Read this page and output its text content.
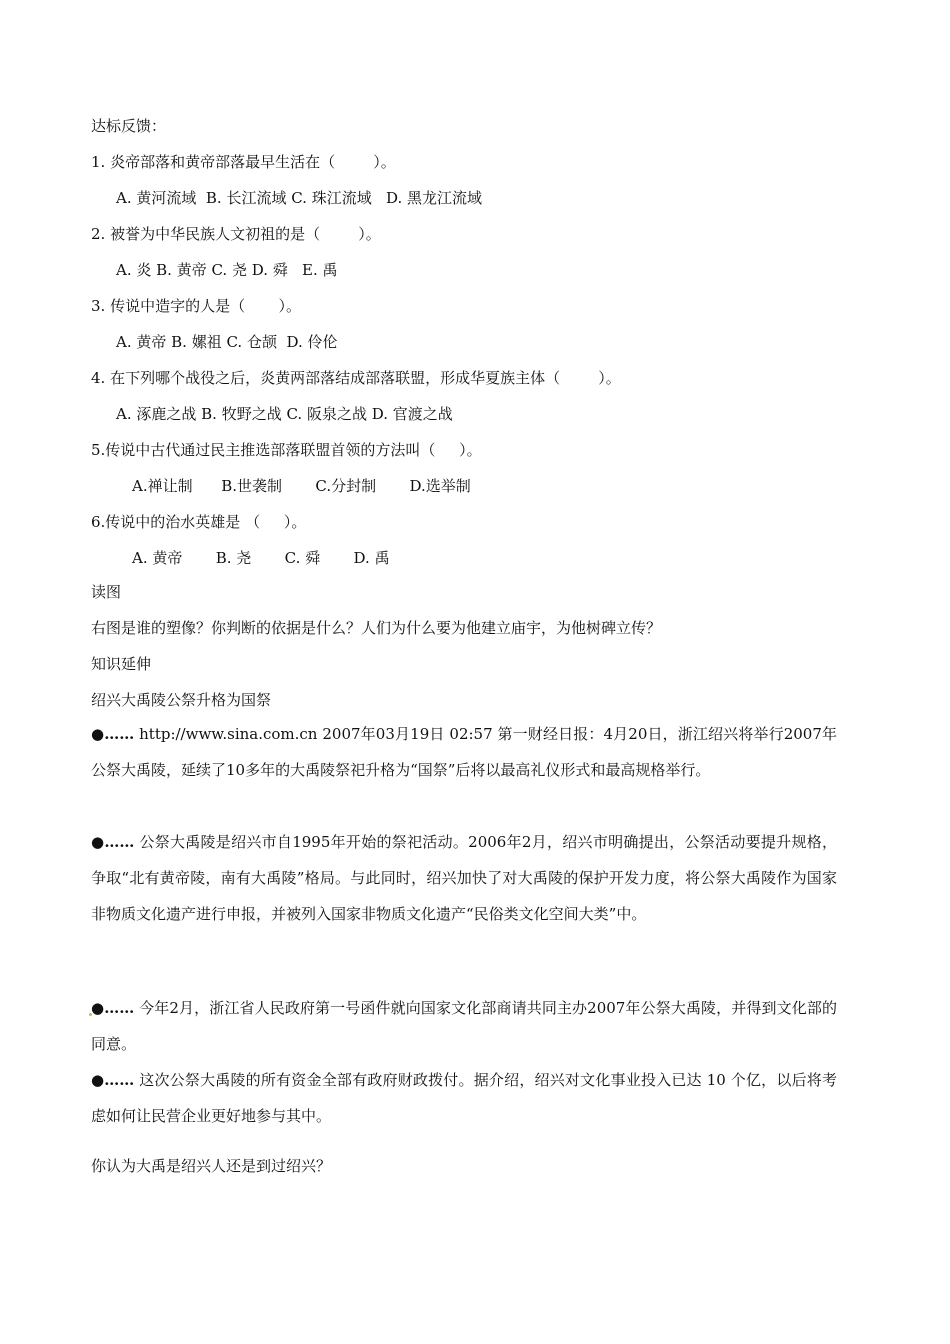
达标反馈：
1. 炎帝部落和黄帝部落最早生活在（        ）。
A. 黄河流域  B. 长江流域 C. 珠江流域   D. 黑龙江流域
2. 被誉为中华民族人文初祖的是（        ）。
A. 炎 B. 黄帝 C. 尧 D. 舜   E. 禹
3. 传说中造字的人是（       ）。
A. 黄帝 B. 嫘祖 C. 仓颉  D. 伶伦
4. 在下列哪个战役之后，炎黄两部落结成部落联盟，形成华夏族主体（        ）。
A. 涿鹿之战 B. 牧野之战 C. 阪泉之战 D. 官渡之战
5.传说中古代通过民主推选部落联盟首领的方法叫（     ）。
A.禅让制      B.世袭制       C.分封制       D.选举制
6.传说中的治水英雄是 （     ）。
A. 黄帝       B. 尧       C. 舜       D. 禹
读图
右图是谁的塑像？你判断的依据是什么？人们为什么要为他建立庙宇，为他树碑立传？
知识延伸
绍兴大禹陵公祭升格为国祭
●…… http://www.sina.com.cn 2007年03月19日 02:57 第一财经日报：4月20日，浙江绍兴将举行2007年公祭大禹陵，延续了10多年的大禹陵祭祀升格为“国祭”后将以最高礼仪形式和最高规格举行。
●…… 公祭大禹陵是绍兴市自1995年开始的祭祀活动。2006年2月，绍兴市明确提出，公祭活动要提升规格，争取“北有黄帝陵，南有大禹陵”格局。与此同时，绍兴加快了对大禹陵的保护开发力度，将公祭大禹陵作为国家非物质文化遗产进行申报，并被列入国家非物质文化遗产“民俗类文化空间大类”中。
●…… 今年2月，浙江省人民政府第一号函件就向国家文化部商请共同主办2007年公祭大禹陵，并得到文化部的同意。
●…… 这次公祭大禹陵的所有资金全部有政府财政拨付。据介绍，绍兴对文化事业投入已达 10 个亿，以后将考虑如何让民营企业更好地参与其中。
你认为大禹是绍兴人还是到过绍兴？
